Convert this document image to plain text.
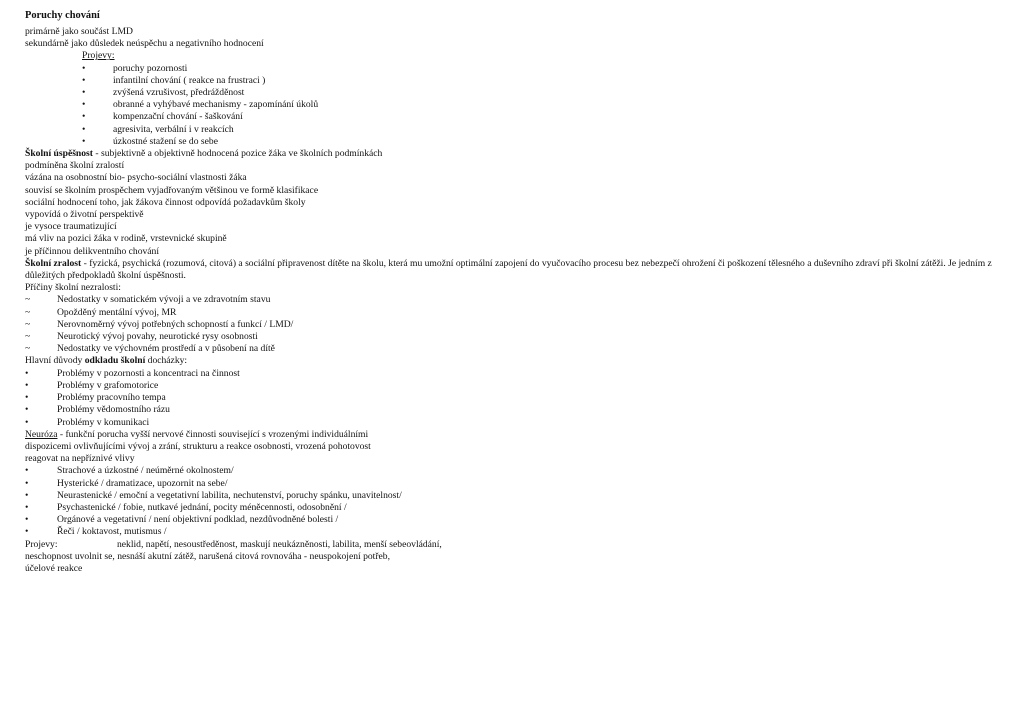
Poruchy chování
primárně jako součást LMD
sekundárně jako důsledek neúspěchu a negativního hodnocení
Projevy:
•	poruchy pozornosti
•	infantilní chování ( reakce na frustraci )
•	zvýšená vzrušivost, předrážděnost
•	obranné a vyhýbavé mechanismy - zapomínání úkolů
•	kompenzační chování - šaškování
•	agresivita, verbální i v reakcích
•	úzkostné stažení se do sebe
Školní úspěšnost - subjektivně a objektivně hodnocená pozice žáka ve školních podmínkách
podmíněna školní zralostí
vázána na osobnostní bio- psycho-sociální vlastnosti žáka
souvisí se školním prospěchem vyjadřovaným většinou ve formě klasifikace
sociální hodnocení toho, jak žákova činnost odpovídá požadavkům školy
vypovídá o životní perspektivě
je vysoce traumatizující
má vliv na pozici žáka v rodině, vrstevnické skupině
je příčinnou delikventního chování
Školní zralost - fyzická, psychická (rozumová, citová) a sociální připravenost dítěte na školu, která mu umožní optimální zapojení do vyučovacího procesu bez nebezpečí ohrožení či poškození tělesného a duševního zdraví při školní zátěži. Je jedním z důležitých předpokladů školní úspěšnosti.
Příčiny školní nezralosti:
~	Nedostatky v somatickém vývoji a ve zdravotním stavu
~	Opožděný mentální vývoj, MR
~	Nerovnoměrný vývoj potřebných schopností a funkcí / LMD/
~	Neurotický vývoj povahy, neurotické rysy osobnosti
~	Nedostatky ve výchovném prostředí a v působení na dítě
Hlavní důvody odkladu školní docházky:
•	Problémy v pozornosti a koncentraci na činnost
•	Problémy v grafomotorice
•	Problémy pracovního tempa
•	Problémy vědomostního rázu
•	Problémy v komunikaci
Neuróza - funkční porucha vyšší nervové činnosti související s vrozenými individuálními
dispozicemi ovlivňujícími vývoj a zrání, strukturu a reakce osobnosti, vrozená pohotovost
reagovat na nepříznivé vlivy
•	Strachové a úzkostné / neúměrné okolnostem/
•	Hysterické / dramatizace, upozornit na sebe/
•	Neurastenické / emoční a vegetativní labilita, nechutenství, poruchy spánku, unavitelnost/
•	Psychastenické / fobie, nutkavé jednání, pocity méněcennosti, odosobnění /
•	Orgánové a vegetativní / není objektivní podklad, nezdůvodněné bolesti /
•	Řeči / koktavost, mutismus /
Projevy:	neklid, napětí, nesoustředěnost, maskují neukázněnosti, labilita, menší sebeovládání,
neschopnost uvolnit se, nesnáší akutní zátěž, narušená citová rovnováha - neuspokojení potřeb,
účelové reakce
